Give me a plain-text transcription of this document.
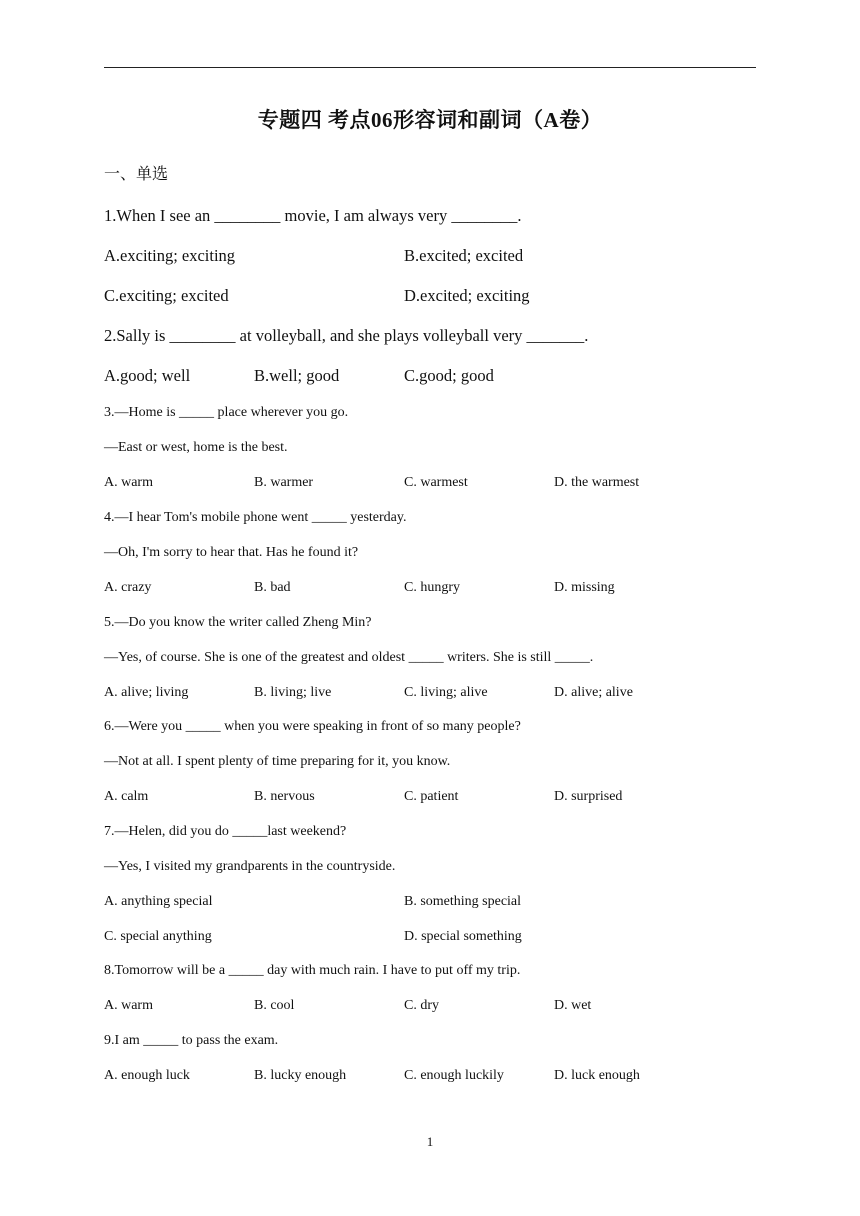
专题四 考点06形容词和副词（A卷）
一、单选
1.When I see an ________ movie, I am always very ________.
A.exciting; exciting	B.excited; excited
C.exciting; excited	D.excited; exciting
2.Sally is ________ at volleyball, and she plays volleyball very _______.
A.good; well	B.well; good	C.good; good
3.—Home is _____ place wherever you go.
—East or west, home is the best.
A. warm	B. warmer	C. warmest	D. the warmest
4.—I hear Tom's mobile phone went _____ yesterday.
—Oh, I'm sorry to hear that. Has he found it?
A. crazy	B. bad	C. hungry	D. missing
5.—Do you know the writer called Zheng Min?
—Yes, of course. She is one of the greatest and oldest _____ writers. She is still _____.
A. alive; living	B. living; live	C. living; alive	D. alive; alive
6.—Were you _____ when you were speaking in front of so many people?
—Not at all. I spent plenty of time preparing for it, you know.
A. calm	B. nervous	C. patient	D. surprised
7.—Helen, did you do _____last weekend?
—Yes, I visited my grandparents in the countryside.
A. anything special	B. something special
C. special anything	D. special something
8.Tomorrow will be a _____ day with much rain. I have to put off my trip.
A. warm	B. cool	C. dry	D. wet
9.I am _____ to pass the exam.
A. enough luck	B. lucky enough	C. enough luckily	D. luck enough
1
